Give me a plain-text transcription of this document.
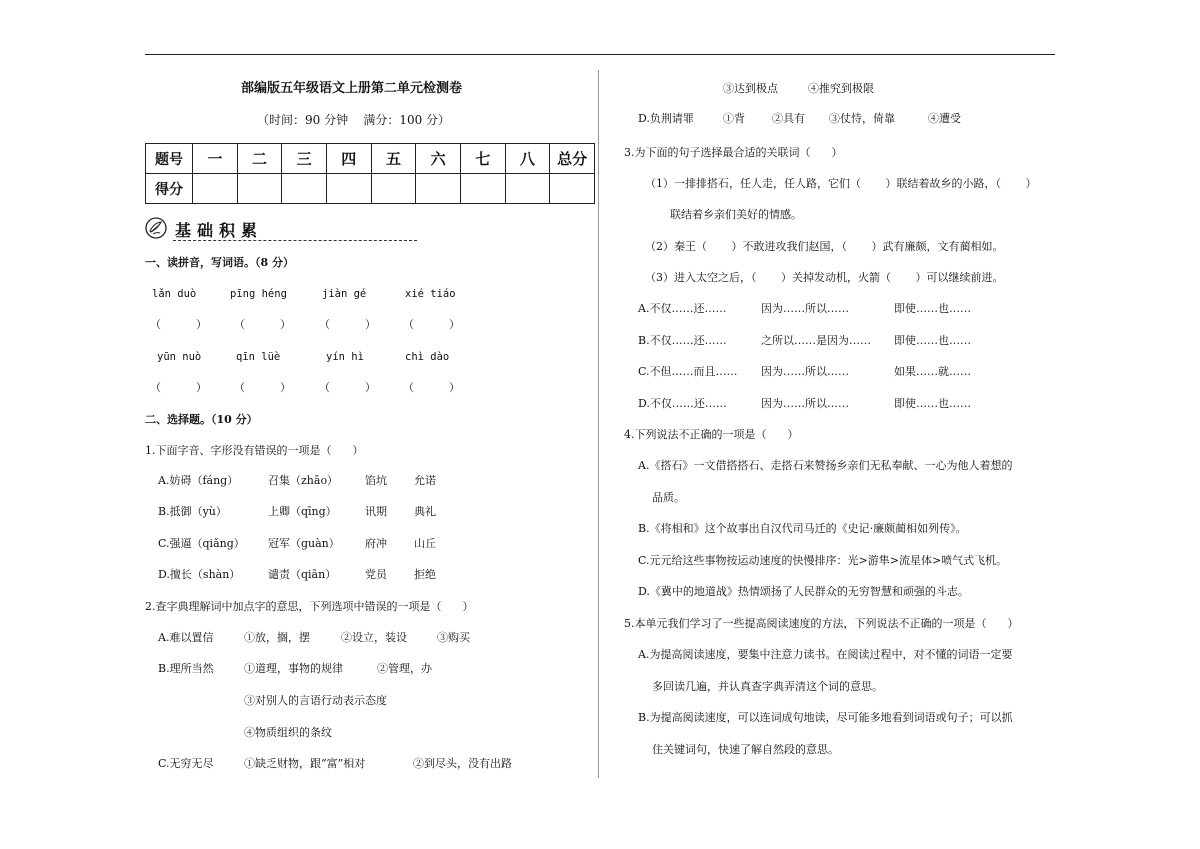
部编版五年级语文上册第二单元检测卷
（时间：90 分钟    满分：100 分）
题号	一	二	三	四	五	六	七	八	总分
得分									
基础积累
一、读拼音，写词语。（8 分）
lǎn duò	pīng héng	jiàn gé	xié tiáo
（          ） （          ）	（          ） （          ）
yūn nuò	qīn lüè	yín hì	chì dào
（          ） （          ）	（          ） （          ）
二、选择题。（10 分）
1.下面字音、字形没有错误的一项是（      ）
A.妨碍（fáng）	召集（zhāo） 馅坑 允诺
B.抵御（yù）	上卿（qīng）	讯期 典礼
C.强逼（qiǎng） 冠军（guàn） 府冲 山丘
D.擅长（shàn）	谴责（qiān）	党员 拒绝
2.查字典理解词中加点字的意思，下列选项中错误的一项是（      ）
A.难以置信	①放，搁，摆	②设立，装设	③购买
B.理所当然	①道理，事物的规律	②管理，办
③对别人的言语行动表示态度
④物质组织的条纹
C.无穷无尽	①缺乏财物，跟“富”相对	②到尽头，没有出路
③达到极点	④推究到极限
D.负荆请罪	①背 ②具有 ③仗恃，倚靠	④遭受
3.为下面的句子选择最合适的关联词（      ）
（1）一排排搭石，任人走，任人路，它们（       ）联结着故乡的小路，（       ）
联结着乡亲们美好的情感。
（2）秦王（       ）不敢进攻我们赵国，（       ）武有廉颇，文有蔺相如。
（3）进入太空之后，（       ）关掉发动机，火箭（       ）可以继续前进。
A.不仅……还……	因为……所以……	即使……也……
B.不仅……还……	之所以……是因为…… 即使……也……
C.不但……而且…… 因为……所以……	如果……就……
D.不仅……还……	因为……所以……	即使……也……
4.下列说法不正确的一项是（      ）
A.《搭石》一文借搭搭石、走搭石来赞扬乡亲们无私奉献、一心为他人着想的
品质。
B.《将相和》这个故事出自汉代司马迁的《史记·廉颇蔺相如列传》。
C.元元给这些事物按运动速度的快慢排序：光>游隼>流星体>喷气式飞机。
D.《冀中的地道战》热情颂扬了人民群众的无穷智慧和顽强的斗志。
5.本单元我们学习了一些提高阅读速度的方法，下列说法不正确的一项是（      ）
A.为提高阅读速度，要集中注意力读书。在阅读过程中，对不懂的词语一定要
多回读几遍，并认真查字典弄清这个词的意思。
B.为提高阅读速度，可以连词成句地读，尽可能多地看到词语或句子；可以抓
住关键词句，快速了解自然段的意思。
